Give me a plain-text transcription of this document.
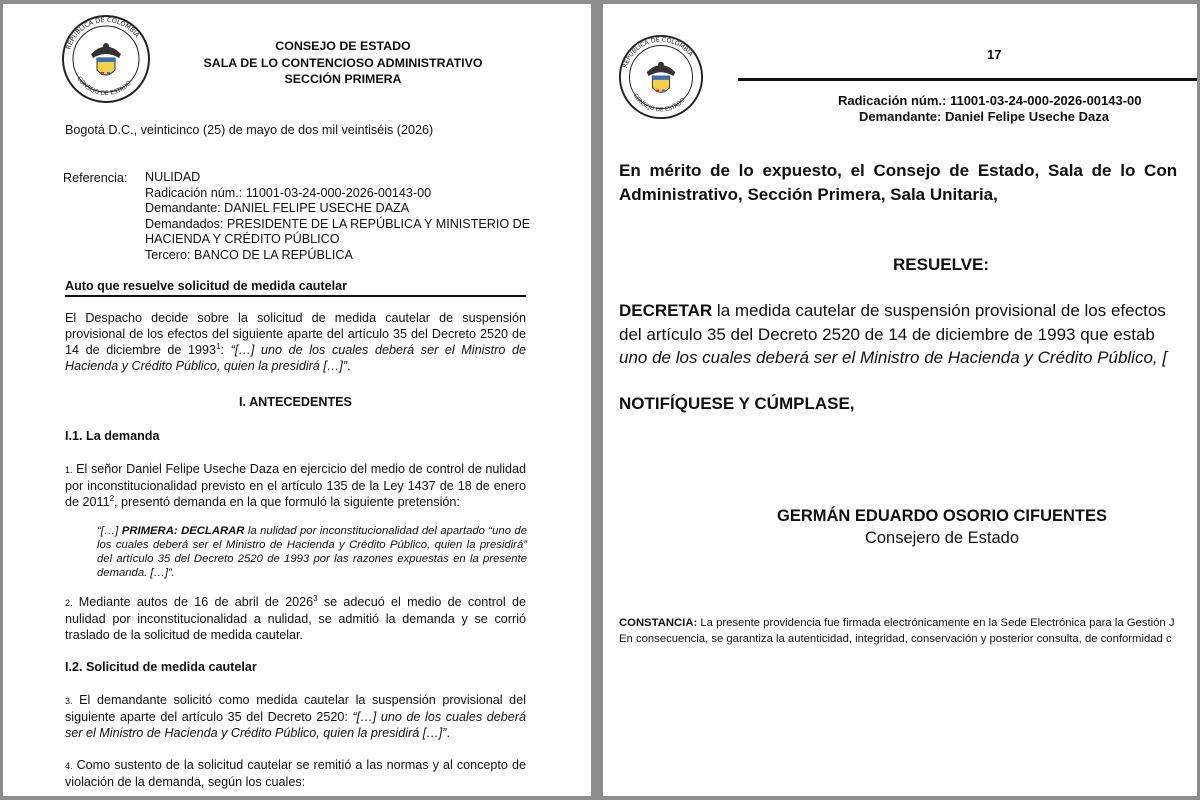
REPÚBLICA DE COLOMBIA
CONSEJO DE ESTADO
CONSEJO DE ESTADO
SALA DE LO CONTENCIOSO ADMINISTRATIVO
SECCIÓN PRIMERA

Bogotá D.C., veinticinco (25) de mayo de dos mil veintiséis (2026)

Referencia: NULIDAD
Radicación núm.: 11001-03-24-000-2026-00143-00
Demandante: DANIEL FELIPE USECHE DAZA
Demandados: PRESIDENTE DE LA REPÚBLICA Y MINISTERIO DE
HACIENDA Y CRÉDITO PÚBLICO
Tercero: BANCO DE LA REPÚBLICA

Auto que resuelve solicitud de medida cautelar

El Despacho decide sobre la solicitud de medida cautelar de suspensión provisional de los efectos del siguiente aparte del artículo 35 del Decreto 2520 de 14 de diciembre de 1993$^1$: “[…] uno de los cuales deberá ser el Ministro de Hacienda y Crédito Público, quien la presidirá […]”.

I. ANTECEDENTES

I.1. La demanda

1. El señor Daniel Felipe Useche Daza en ejercicio del medio de control de nulidad por inconstitucionalidad previsto en el artículo 135 de la Ley 1437 de 18 de enero de 2011$^2$, presentó demanda en la que formuló la siguiente pretensión:

“[…] PRIMERA: DECLARAR la nulidad por inconstitucionalidad del apartado “uno de los cuales deberá ser el Ministro de Hacienda y Crédito Público, quien la presidirá” del artículo 35 del Decreto 2520 de 1993 por las razones expuestas en la presente demanda. […]”.

2. Mediante autos de 16 de abril de 2026$^3$ se adecuó el medio de control de nulidad por inconstitucionalidad a nulidad, se admitió la demanda y se corrió traslado de la solicitud de medida cautelar.

I.2. Solicitud de medida cautelar

3. El demandante solicitó como medida cautelar la suspensión provisional del siguiente aparte del artículo 35 del Decreto 2520: “[…] uno de los cuales deberá ser el Ministro de Hacienda y Crédito Público, quien la presidirá […]”.

4. Como sustento de la solicitud cautelar se remitió a las normas y al concepto de violación de la demanda, según los cuales:

REPÚBLICA DE COLOMBIA
CONSEJO DE ESTADO

17

Radicación núm.: 11001-03-24-000-2026-00143-00

Demandante: Daniel Felipe Useche Daza

En mérito de lo expuesto, el Consejo de Estado, Sala de lo Con

Administrativo, Sección Primera, Sala Unitaria,

RESUELVE:

DECRETAR la medida cautelar de suspensión provisional de los efectos

del artículo 35 del Decreto 2520 de 14 de diciembre de 1993 que estab

uno de los cuales deberá ser el Ministro de Hacienda y Crédito Público, [

NOTIFÍQUESE Y CÚMPLASE,

GERMÁN EDUARDO OSORIO CIFUENTES

Consejero de Estado

CONSTANCIA: La presente providencia fue firmada electrónicamente en la Sede Electrónica para la Gestión J

En consecuencia, se garantiza la autenticidad, integridad, conservación y posterior consulta, de conformidad c
